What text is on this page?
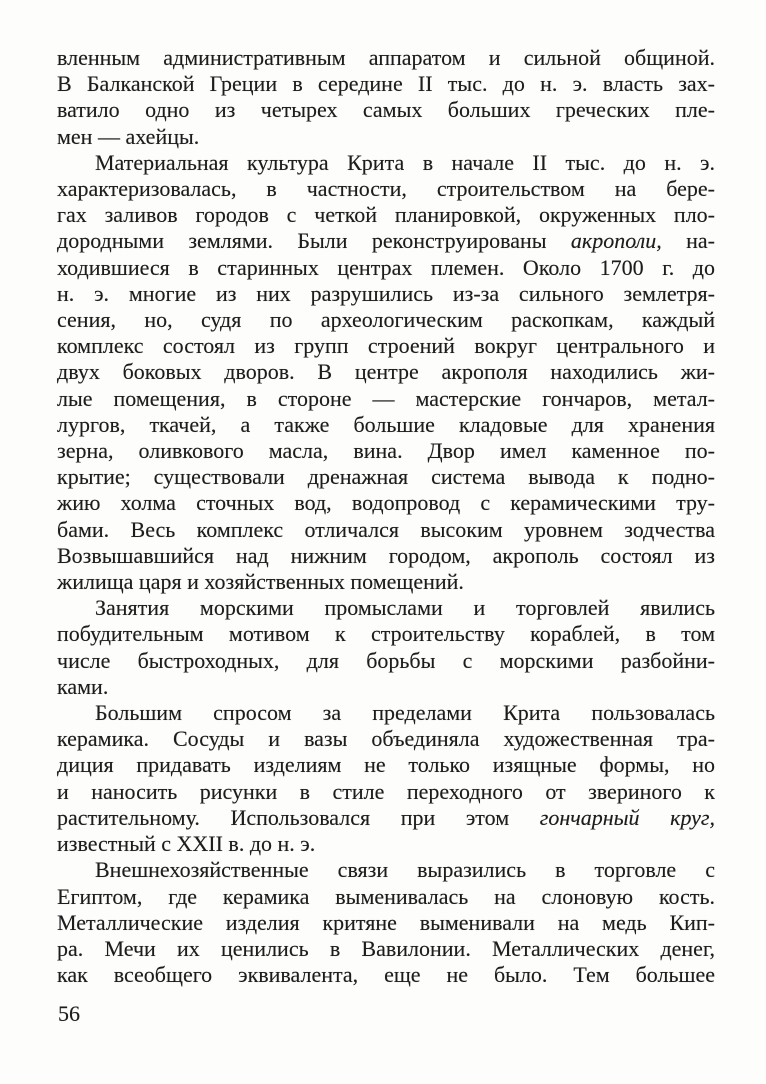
вленным административным аппаратом и сильной общиной.
В Балканской Греции в середине II тыс. до н. э. власть зах-
ватило одно из четырех самых больших греческих пле-
мен — ахейцы.
Материальная культура Крита в начале II тыс. до н. э.
характеризовалась, в частности, строительством на бере-
гах заливов городов с четкой планировкой, окруженных пло-
дородными землями. Были реконструированы акрополи, на-
ходившиеся в старинных центрах племен. Около 1700 г. до
н. э. многие из них разрушились из-за сильного землетря-
сения, но, судя по археологическим раскопкам, каждый
комплекс состоял из групп строений вокруг центрального и
двух боковых дворов. В центре акрополя находились жи-
лые помещения, в стороне — мастерские гончаров, метал-
лургов, ткачей, а также большие кладовые для хранения
зерна, оливкового масла, вина. Двор имел каменное по-
крытие; существовали дренажная система вывода к подно-
жию холма сточных вод, водопровод с керамическими тру-
бами. Весь комплекс отличался высоким уровнем зодчества
Возвышавшийся над нижним городом, акрополь состоял из
жилища царя и хозяйственных помещений.
Занятия морскими промыслами и торговлей явились
побудительным мотивом к строительству кораблей, в том
числе быстроходных, для борьбы с морскими разбойни-
ками.
Большим спросом за пределами Крита пользовалась
керамика. Сосуды и вазы объединяла художественная тра-
диция придавать изделиям не только изящные формы, но
и наносить рисунки в стиле переходного от звериного к
растительному. Использовался при этом гончарный круг,
известный с XXII в. до н. э.
Внешнехозяйственные связи выразились в торговле с
Египтом, где керамика выменивалась на слоновую кость.
Металлические изделия критяне выменивали на медь Кип-
ра. Мечи их ценились в Вавилонии. Металлических денег,
как всеобщего эквивалента, еще не было. Тем большее
56
